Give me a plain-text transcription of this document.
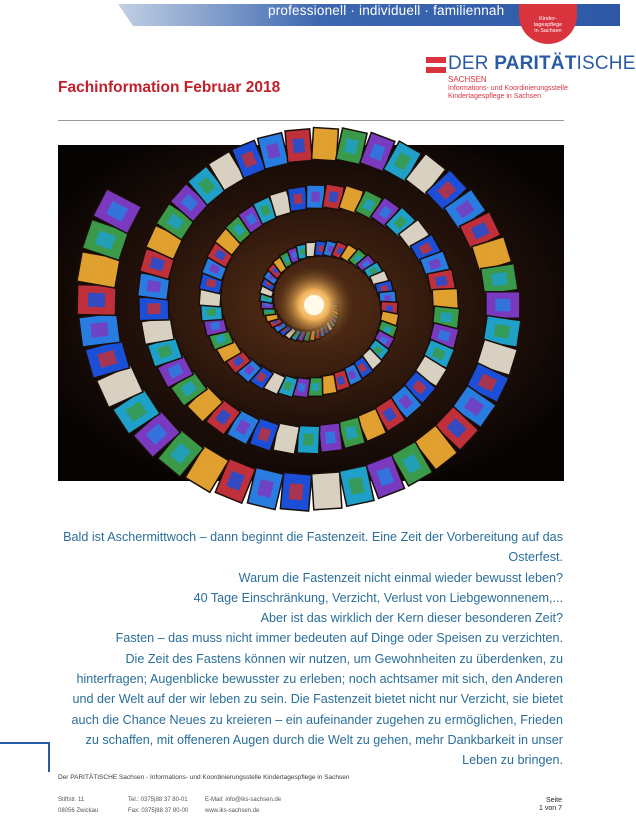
professionell · individuell · familiennah
Kinder-
tagespflege
in Sachsen
DER PARITÄTISCHE
SACHSEN
Informations- und Koordinierungsstelle
Kindertagespflege in Sachsen
Fachinformation Februar 2018

Bald ist Aschermittwoch – dann beginnt die Fastenzeit. Eine Zeit der Vorbereitung auf das Osterfest.

Warum die Fastenzeit nicht einmal wieder bewusst leben?

40 Tage Einschränkung, Verzicht, Verlust von Liebgewonnenem,...

Aber ist das wirklich der Kern dieser besonderen Zeit?

Fasten – das muss nicht immer bedeuten auf Dinge oder Speisen zu verzichten.

Die Zeit des Fastens können wir nutzen, um Gewohnheiten zu überdenken, zu hinterfragen; Augenblicke bewusster zu erleben; noch achtsamer mit sich, den Anderen und der Welt auf der wir leben zu sein. Die Fastenzeit bietet nicht nur Verzicht, sie bietet auch die Chance Neues zu kreieren – ein aufeinander zugehen zu ermöglichen, Frieden zu schaffen, mit offeneren Augen durch die Welt zu gehen, mehr Dankbarkeit in unser Leben zu bringen.

Der PARITÄTISCHE Sachsen - Informations- und Koordinierungsstelle Kindertagespflege in Sachsen
Stiftstr. 11
08056 Zwickau
Tel.: 0375|88 37 80-01
Fax: 0375|88 37 80-00
E-Mail: info@iks-sachsen.de
www.iks-sachsen.de
Seite
1 von 7
